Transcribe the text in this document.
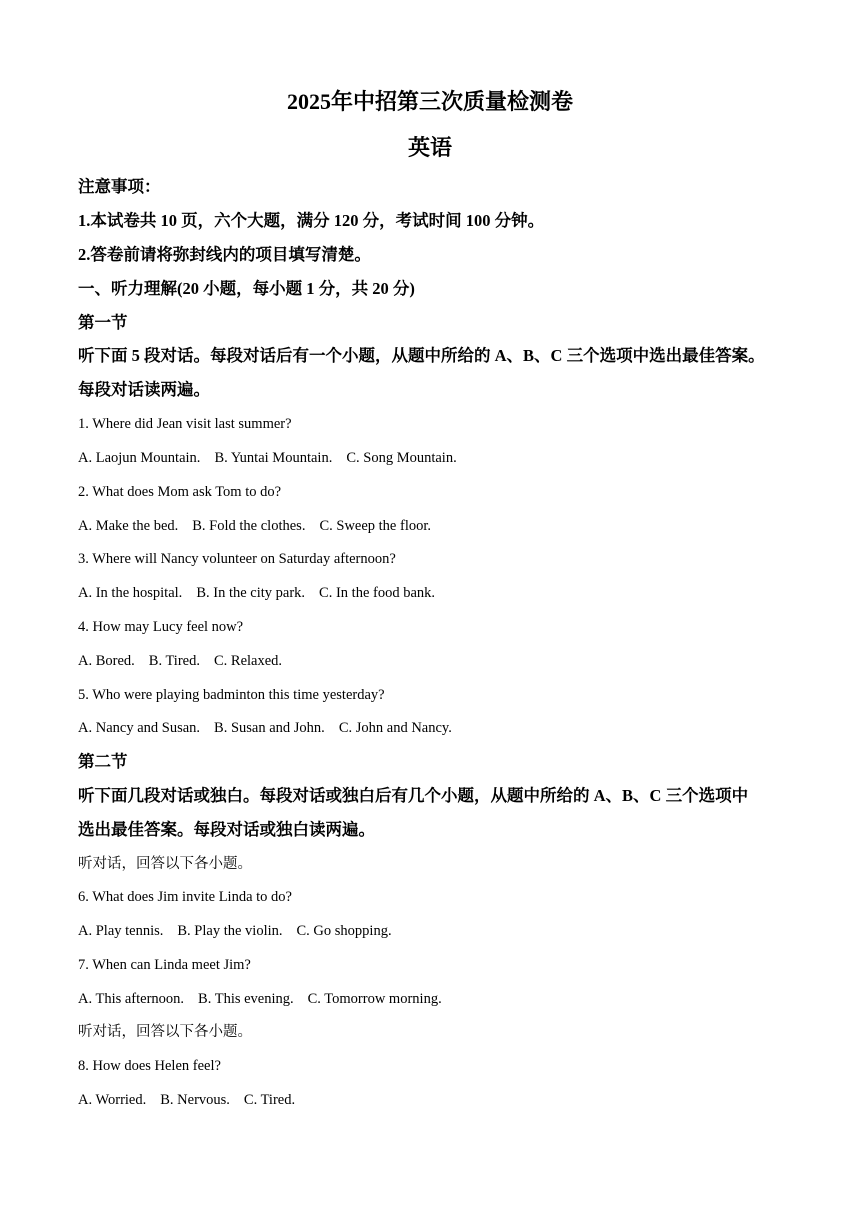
2025年中招第三次质量检测卷
英语
注意事项：
1.本试卷共 10 页，六个大题，满分 120 分，考试时间 100 分钟。
2.答卷前请将弥封线内的项目填写清楚。
一、听力理解(20 小题，每小题 1 分，共 20 分)
第一节
听下面 5 段对话。每段对话后有一个小题，从题中所给的 A、B、C 三个选项中选出最佳答案。
每段对话读两遍。
1. Where did Jean visit last summer?
A. Laojun Mountain. B. Yuntai Mountain. C. Song Mountain.
2. What does Mom ask Tom to do?
A. Make the bed. B. Fold the clothes. C. Sweep the floor.
3. Where will Nancy volunteer on Saturday afternoon?
A. In the hospital. B. In the city park. C. In the food bank.
4. How may Lucy feel now?
A. Bored. B. Tired. C. Relaxed.
5. Who were playing badminton this time yesterday?
A. Nancy and Susan. B. Susan and John. C. John and Nancy.
第二节
听下面几段对话或独白。每段对话或独白后有几个小题，从题中所给的 A、B、C 三个选项中
选出最佳答案。每段对话或独白读两遍。
听对话，回答以下各小题。
6. What does Jim invite Linda to do?
A. Play tennis. B. Play the violin. C. Go shopping.
7. When can Linda meet Jim?
A. This afternoon. B. This evening. C. Tomorrow morning.
听对话，回答以下各小题。
8. How does Helen feel?
A. Worried. B. Nervous. C. Tired.
